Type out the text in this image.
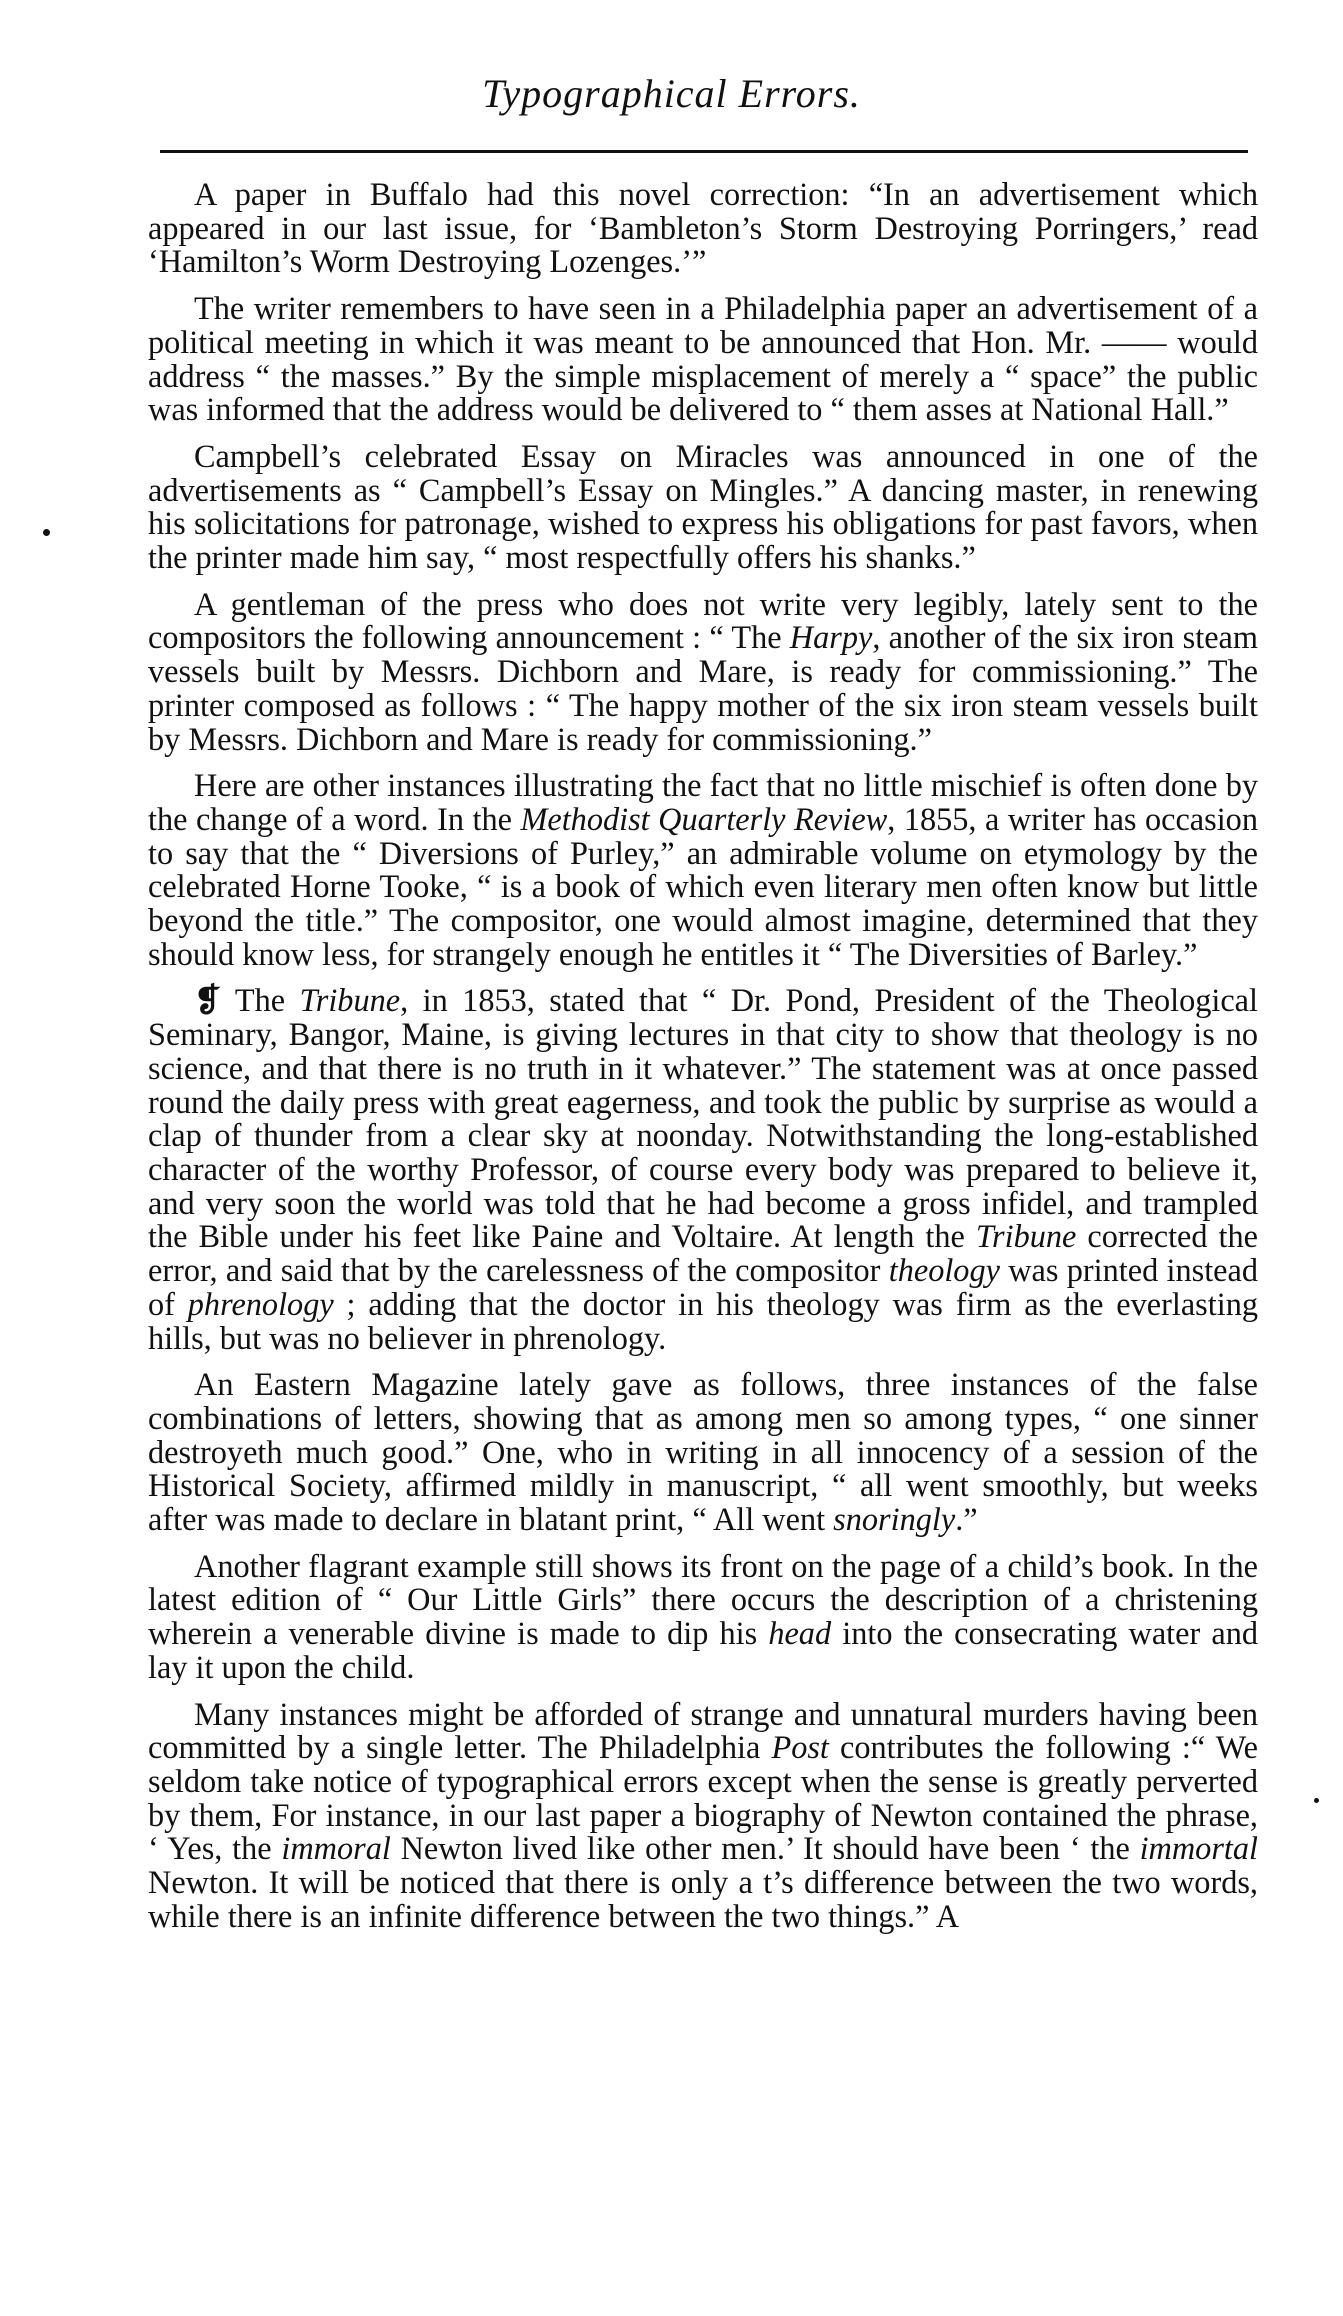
Typographical Errors.

A paper in Buffalo had this novel correction: “In an advertisement which appeared in our last issue, for ‘Bambleton’s Storm Destroying Porringers,’ read ‘Hamilton’s Worm Destroying Lozenges.’”

The writer remembers to have seen in a Philadelphia paper an advertisement of a political meeting in which it was meant to be announced that Hon. Mr. —— would address “ the masses.” By the simple misplacement of merely a “ space” the public was informed that the address would be delivered to “ them asses at National Hall.”

Campbell’s celebrated Essay on Miracles was announced in one of the advertisements as “ Campbell’s Essay on Mingles.” A dancing master, in renewing his solicitations for patronage, wished to express his obligations for past favors, when the printer made him say, “ most respectfully offers his shanks.”

A gentleman of the press who does not write very legibly, lately sent to the compositors the following announcement : “ The Harpy, another of the six iron steam vessels built by Messrs. Dichborn and Mare, is ready for commissioning.” The printer composed as follows : “ The happy mother of the six iron steam vessels built by Messrs. Dichborn and Mare is ready for commissioning.”

Here are other instances illustrating the fact that no little mischief is often done by the change of a word. In the Methodist Quarterly Review, 1855, a writer has occasion to say that the “ Diversions of Purley,” an admirable volume on etymology by the celebrated Horne Tooke, “ is a book of which even literary men often know but little beyond the title.” The compositor, one would almost imagine, determined that they should know less, for strangely enough he entitles it “ The Diversities of Barley.”

❡ The Tribune, in 1853, stated that “ Dr. Pond, President of the Theological Seminary, Bangor, Maine, is giving lectures in that city to show that theology is no science, and that there is no truth in it whatever.” The statement was at once passed round the daily press with great eagerness, and took the public by surprise as would a clap of thunder from a clear sky at noonday. Notwithstanding the long-established character of the worthy Professor, of course every body was prepared to believe it, and very soon the world was told that he had become a gross infidel, and trampled the Bible under his feet like Paine and Voltaire. At length the Tribune corrected the error, and said that by the carelessness of the compositor theology was printed instead of phrenology ; adding that the doctor in his theology was firm as the everlasting hills, but was no believer in phrenology.

An Eastern Magazine lately gave as follows, three instances of the false combinations of letters, showing that as among men so among types, “ one sinner destroyeth much good.” One, who in writing in all innocency of a session of the Historical Society, affirmed mildly in manuscript, “ all went smoothly, but weeks after was made to declare in blatant print, “ All went snoringly.”

Another flagrant example still shows its front on the page of a child’s book. In the latest edition of “ Our Little Girls” there occurs the description of a christening wherein a venerable divine is made to dip his head into the consecrating water and lay it upon the child.

Many instances might be afforded of strange and unnatural murders having been committed by a single letter. The Philadelphia Post contributes the following :“ We seldom take notice of typographical errors except when the sense is greatly perverted by them, For instance, in our last paper a biography of Newton contained the phrase, ‘ Yes, the immoral Newton lived like other men.’ It should have been ‘ the immortal Newton. It will be noticed that there is only a t’s difference between the two words, while there is an infinite difference between the two things.” A
